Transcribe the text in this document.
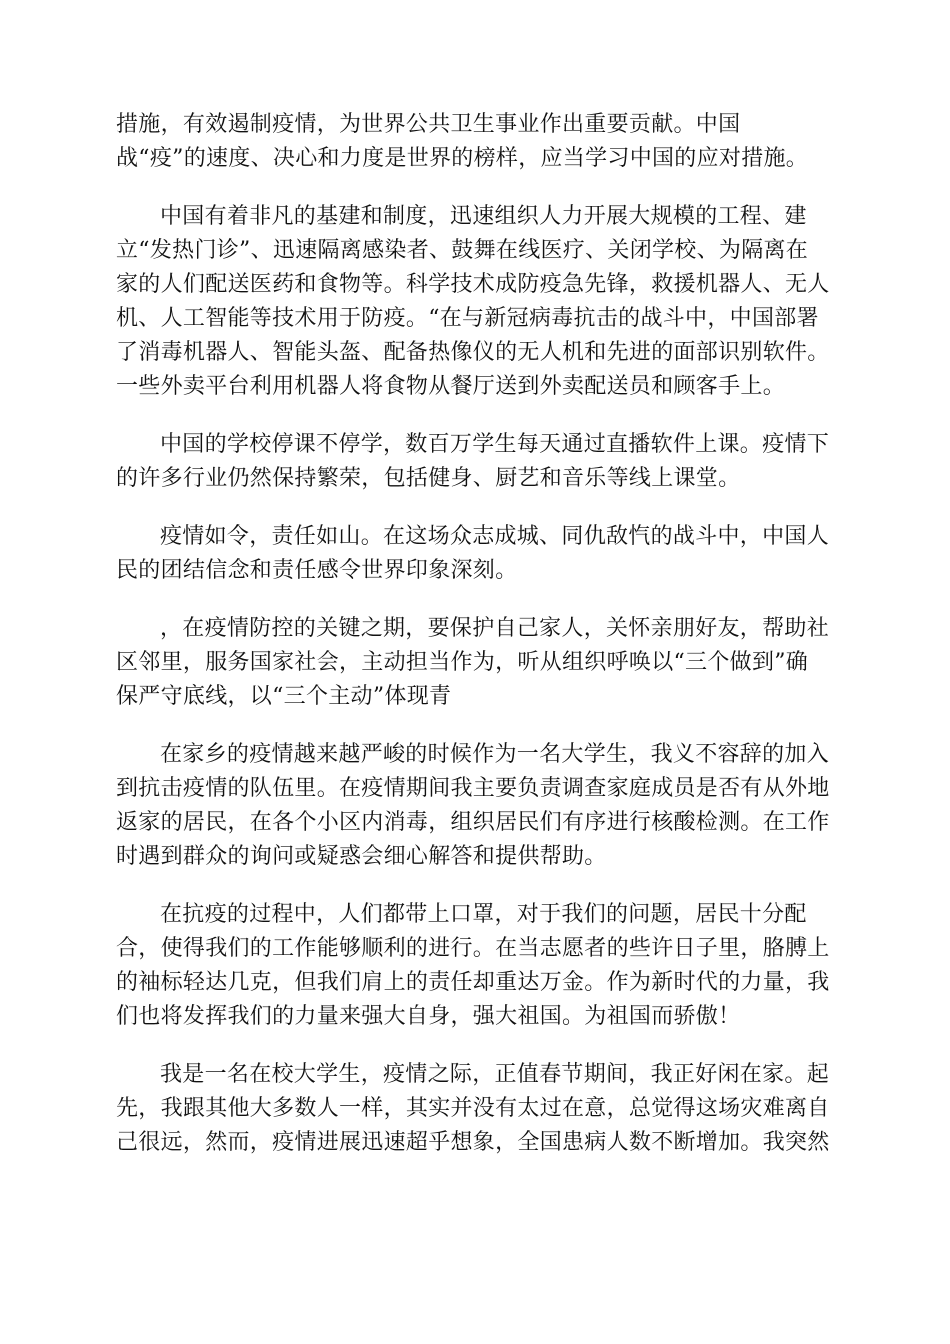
措施，有效遏制疫情，为世界公共卫生事业作出重要贡献。中国
战“疫”的速度、决心和力度是世界的榜样，应当学习中国的应对措施。
中国有着非凡的基建和制度，迅速组织人力开展大规模的工程、建
立“发热门诊”、迅速隔离感染者、鼓舞在线医疗、关闭学校、为隔离在
家的人们配送医药和食物等。科学技术成防疫急先锋，救援机器人、无人
机、人工智能等技术用于防疫。“在与新冠病毒抗击的战斗中，中国部署
了消毒机器人、智能头盔、配备热像仪的无人机和先进的面部识别软件。
一些外卖平台利用机器人将食物从餐厅送到外卖配送员和顾客手上。
中国的学校停课不停学，数百万学生每天通过直播软件上课。疫情下
的许多行业仍然保持繁荣，包括健身、厨艺和音乐等线上课堂。
疫情如令，责任如山。在这场众志成城、同仇敌忾的战斗中，中国人
民的团结信念和责任感令世界印象深刻。
，在疫情防控的关键之期，要保护自己家人，关怀亲朋好友，帮助社
区邻里，服务国家社会，主动担当作为，听从组织呼唤以“三个做到”确
保严守底线，以“三个主动”体现青
在家乡的疫情越来越严峻的时候作为一名大学生，我义不容辞的加入
到抗击疫情的队伍里。在疫情期间我主要负责调查家庭成员是否有从外地
返家的居民，在各个小区内消毒，组织居民们有序进行核酸检测。在工作
时遇到群众的询问或疑惑会细心解答和提供帮助。
在抗疫的过程中，人们都带上口罩，对于我们的问题，居民十分配
合，使得我们的工作能够顺利的进行。在当志愿者的些许日子里，胳膊上
的袖标轻达几克，但我们肩上的责任却重达万金。作为新时代的力量，我
们也将发挥我们的力量来强大自身，强大祖国。为祖国而骄傲！
我是一名在校大学生，疫情之际，正值春节期间，我正好闲在家。起
先，我跟其他大多数人一样，其实并没有太过在意，总觉得这场灾难离自
己很远，然而，疫情进展迅速超乎想象，全国患病人数不断增加。我突然
